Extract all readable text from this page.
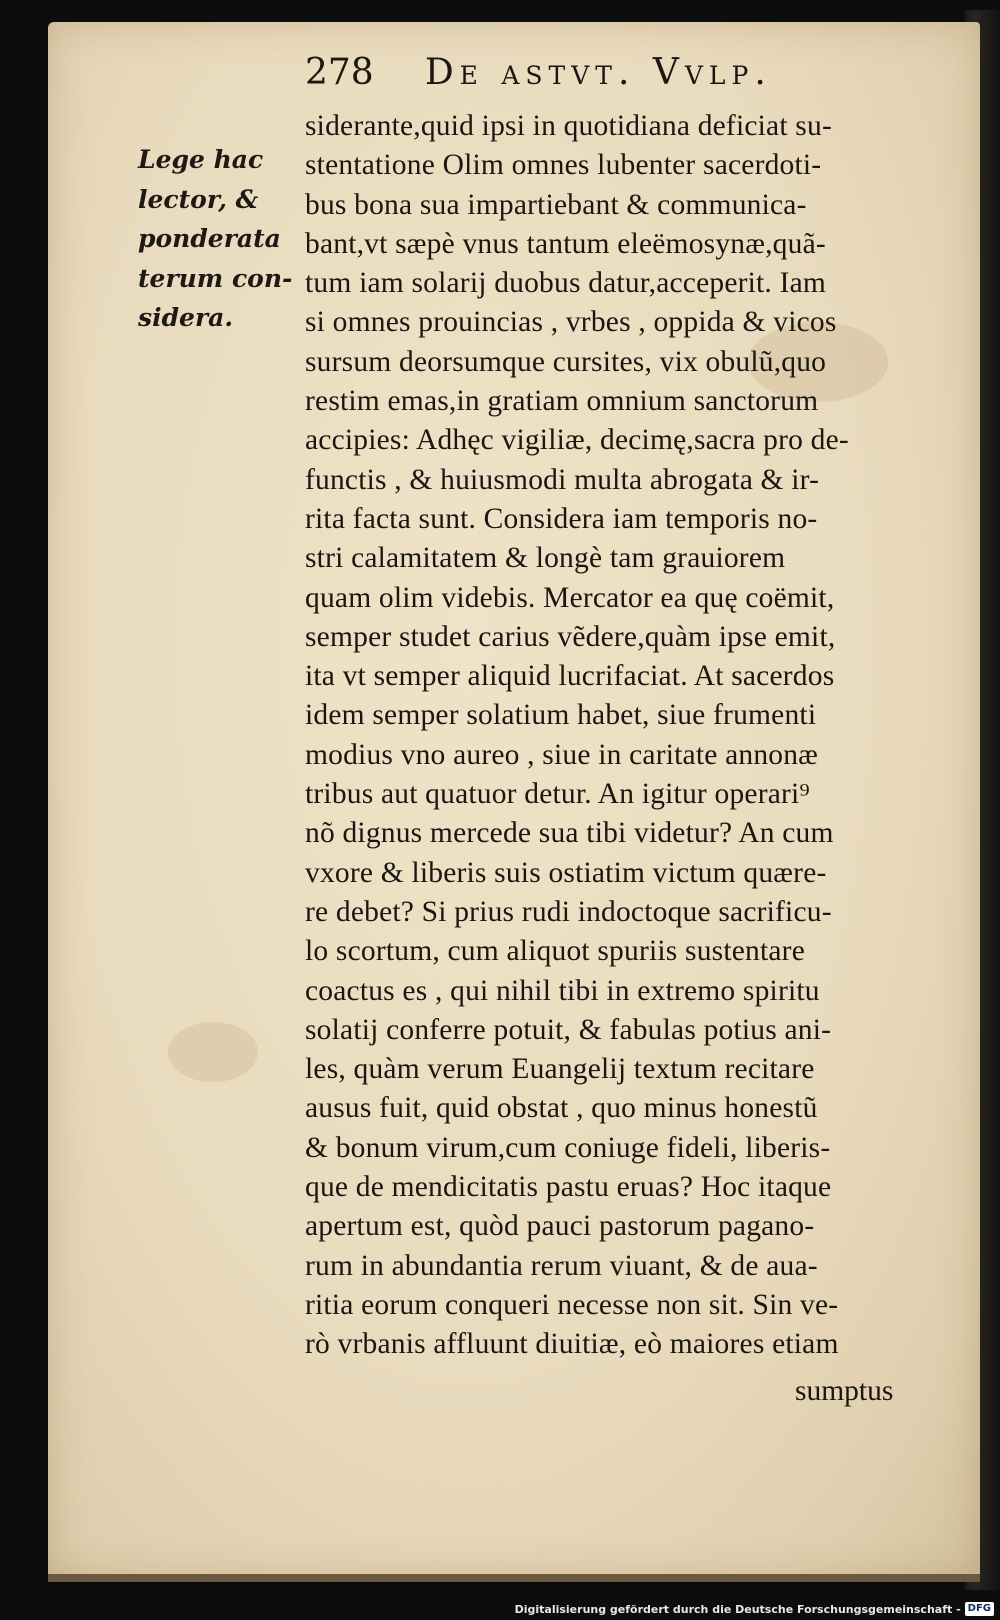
278 De astvt. Vvlp.
Lege hac
lector, &
ponderata
terum con-
sidera.
siderante,quid ipsi in quotidiana deficiat su-
stentatione Olim omnes lubenter sacerdoti-
bus bona sua impartiebant & communica-
bant,vt sæpè vnus tantum eleëmosynæ,quã-
tum iam solarij duobus datur,acceperit. Iam
si omnes prouincias , vrbes , oppida & vicos
sursum deorsumque cursites, vix obulũ,quo
restim emas,in gratiam omnium sanctorum
accipies: Adhęc vigiliæ, decimę,sacra pro de-
functis , & huiusmodi multa abrogata & ir-
rita facta sunt. Considera iam temporis no-
stri calamitatem & longè tam grauiorem
quam olim videbis. Mercator ea quę coëmit,
semper studet carius vẽdere,quàm ipse emit,
ita vt semper aliquid lucrifaciat. At sacerdos
idem semper solatium habet, siue frumenti
modius vno aureo , siue in caritate annonæ
tribus aut quatuor detur. An igitur operari⁹
nõ dignus mercede sua tibi videtur? An cum
vxore & liberis suis ostiatim victum quære-
re debet? Si prius rudi indoctoque sacrificu-
lo scortum, cum aliquot spuriis sustentare
coactus es , qui nihil tibi in extremo spiritu
solatij conferre potuit, & fabulas potius ani-
les, quàm verum Euangelij textum recitare
ausus fuit, quid obstat , quo minus honestũ
& bonum virum,cum coniuge fideli, liberis-
que de mendicitatis pastu eruas? Hoc itaque
apertum est, quòd pauci pastorum pagano-
rum in abundantia rerum viuant, & de aua-
ritia eorum conqueri necesse non sit. Sin ve-
rò vrbanis affluunt diuitiæ, eò maiores etiam
sumptus
Digitalisierung gefördert durch die Deutsche Forschungsgemeinschaft - DFG
